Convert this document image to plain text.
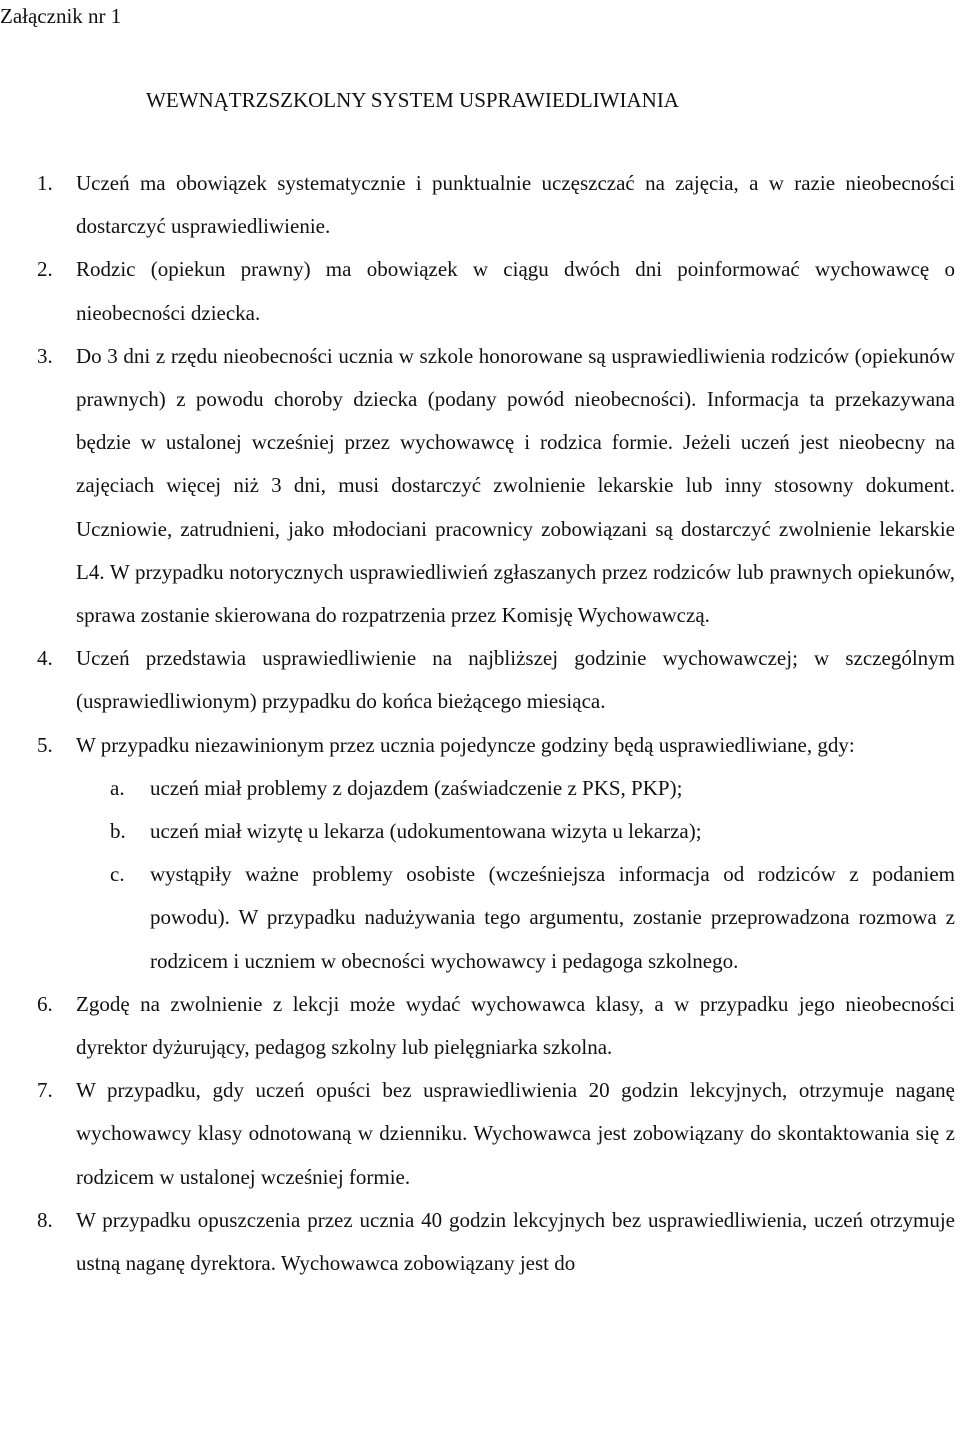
Załącznik nr 1
WEWNĄTRZSZKOLNY SYSTEM USPRAWIEDLIWIANIA
1. Uczeń ma obowiązek systematycznie i punktualnie uczęszczać na zajęcia, a w razie nieobecności dostarczyć usprawiedliwienie.
2. Rodzic (opiekun prawny) ma obowiązek w ciągu dwóch dni poinformować wychowawcę o nieobecności dziecka.
3. Do 3 dni z rzędu nieobecności ucznia w szkole honorowane są usprawiedliwienia rodziców (opiekunów prawnych) z powodu choroby dziecka (podany powód nieobecności). Informacja ta przekazywana będzie w ustalonej wcześniej przez wychowawcę i rodzica formie. Jeżeli uczeń jest nieobecny na zajęciach więcej niż 3 dni, musi dostarczyć zwolnienie lekarskie lub inny stosowny dokument. Uczniowie, zatrudnieni, jako młodociani pracownicy zobowiązani są dostarczyć zwolnienie lekarskie L4. W przypadku notorycznych usprawiedliwień zgłaszanych przez rodziców lub prawnych opiekunów, sprawa zostanie skierowana do rozpatrzenia przez Komisję Wychowawczą.
4. Uczeń przedstawia usprawiedliwienie na najbliższej godzinie wychowawczej; w szczególnym (usprawiedliwionym) przypadku do końca bieżącego miesiąca.
5. W przypadku niezawinionym przez ucznia pojedyncze godziny będą usprawiedliwiane, gdy:
a. uczeń miał problemy z dojazdem (zaświadczenie z PKS, PKP);
b. uczeń miał wizytę u lekarza (udokumentowana wizyta u lekarza);
c. wystąpiły ważne problemy osobiste (wcześniejsza informacja od rodziców z podaniem powodu). W przypadku nadużywania tego argumentu, zostanie przeprowadzona rozmowa z rodzicem i uczniem w obecności wychowawcy i pedagoga szkolnego.
6. Zgodę na zwolnienie z lekcji może wydać wychowawca klasy, a w przypadku jego nieobecności dyrektor dyżurujący, pedagog szkolny lub pielęgniarka szkolna.
7. W przypadku, gdy uczeń opuści bez usprawiedliwienia 20 godzin lekcyjnych, otrzymuje naganę wychowawcy klasy odnotowaną w dzienniku. Wychowawca jest zobowiązany do skontaktowania się z rodzicem w ustalonej wcześniej formie.
8. W przypadku opuszczenia przez ucznia 40 godzin lekcyjnych bez usprawiedliwienia, uczeń otrzymuje ustną naganę dyrektora. Wychowawca zobowiązany jest do
